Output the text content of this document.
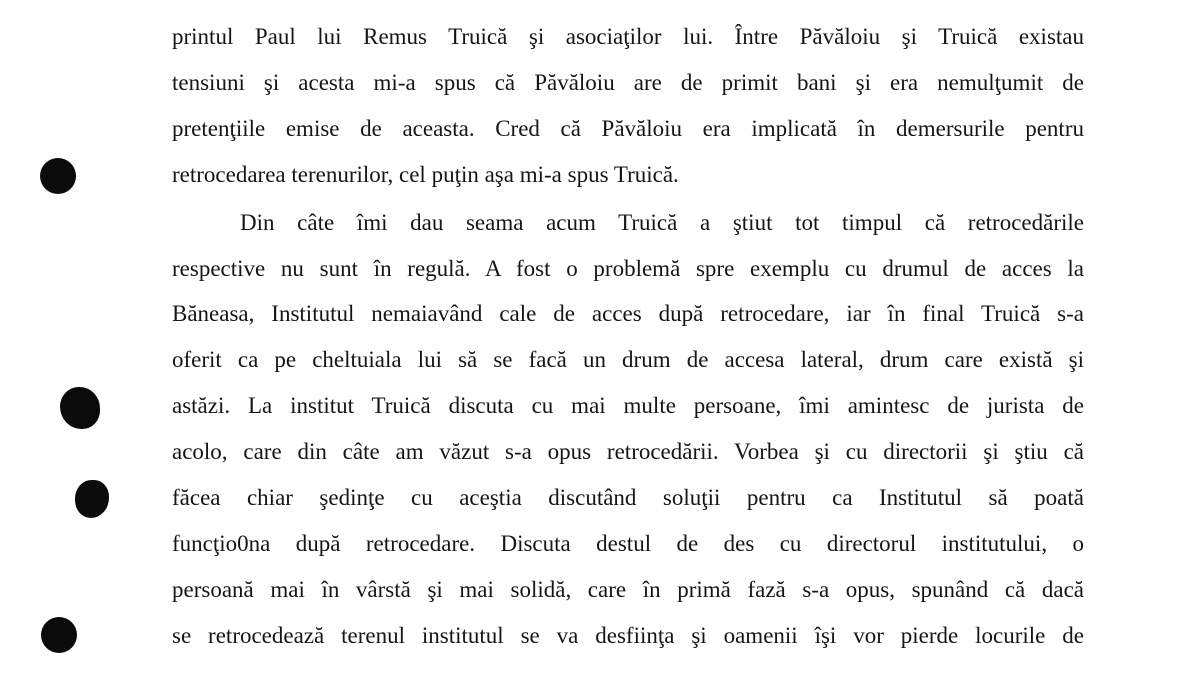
printul Paul lui Remus Truică şi asociaţilor lui. Între Păvăloiu şi Truică existau
tensiuni şi acesta mi-a spus că Păvăloiu are de primit bani şi era nemulţumit de
pretenţiile emise de aceasta. Cred că Păvăloiu era implicată în demersurile pentru
retrocedarea terenurilor, cel puţin aşa mi-a spus Truică.
Din câte îmi dau seama acum Truică a ştiut tot timpul că retrocedările
respective nu sunt în regulă. A fost o problemă spre exemplu cu drumul de acces la
Băneasa, Institutul nemaiavând cale de acces după retrocedare, iar în final Truică s-a
oferit ca pe cheltuiala lui să se facă un drum de accesa lateral, drum care există şi
astăzi. La institut Truică discuta cu mai multe persoane, îmi amintesc de jurista de
acolo, care din câte am văzut s-a opus retrocedării. Vorbea şi cu directorii şi ştiu că
făcea chiar şedinţe cu aceştia discutând soluţii pentru ca Institutul să poată
funcţio0na după retrocedare. Discuta destul de des cu directorul institutului, o
persoană mai în vârstă şi mai solidă, care în primă fază s-a opus, spunând că dacă
se retrocedează terenul institutul se va desfiinţa şi oamenii îşi vor pierde locurile de
